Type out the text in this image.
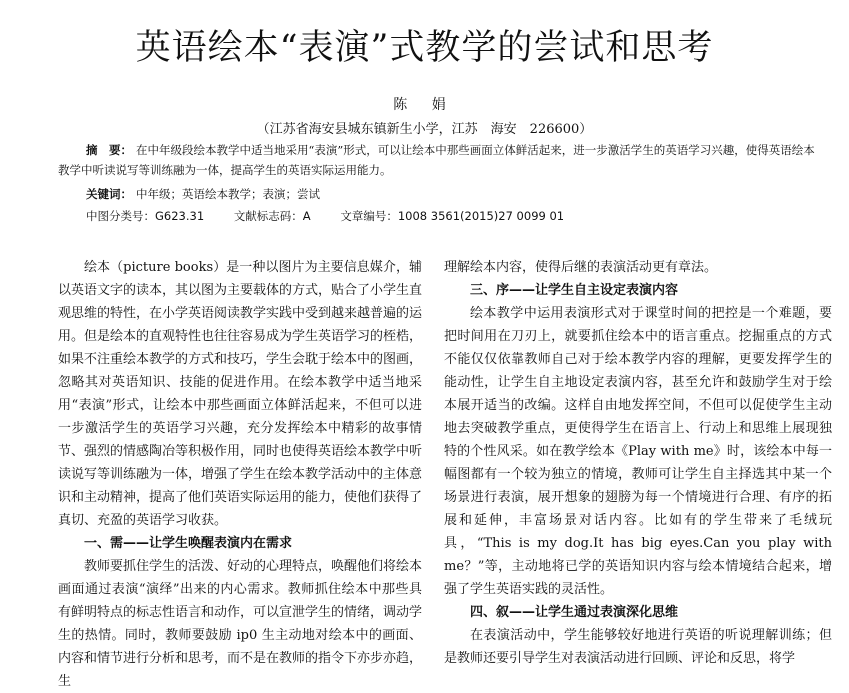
英语绘本“表演”式教学的尝试和思考
陈 娟
（江苏省海安县城东镇新生小学，江苏　海安　226600）
摘　要： 在中年级段绘本教学中适当地采用“表演”形式，可以让绘本中那些画面立体鲜活起来，进一步激活学生的英语学习兴趣，使得英语绘本教学中听读说写等训练融为一体，提高学生的英语实际运用能力。
关键词： 中年级；英语绘本教学；表演；尝试
中图分类号：G623.31	文献标志码：A	文章编号：1008 3561(2015)27 0099 01

绘本（picture books）是一种以图片为主要信息媒介，辅以英语文字的读本，其以图为主要载体的方式，贴合了小学生直观思维的特性，在小学英语阅读教学实践中受到越来越普遍的运用。但是绘本的直观特性也往往容易成为学生英语学习的桎梏，如果不注重绘本教学的方式和技巧，学生会耽于绘本中的图画，忽略其对英语知识、技能的促进作用。在绘本教学中适当地采用“表演”形式，让绘本中那些画面立体鲜活起来，不但可以进一步激活学生的英语学习兴趣，充分发挥绘本中精彩的故事情节、强烈的情感陶冶等积极作用，同时也使得英语绘本教学中听读说写等训练融为一体，增强了学生在绘本教学活动中的主体意识和主动精神，提高了他们英语实际运用的能力，使他们获得了真切、充盈的英语学习收获。

一、需——让学生唤醒表演内在需求

教师要抓住学生的活泼、好动的心理特点，唤醒他们将绘本画面通过表演“演绎”出来的内心需求。教师抓住绘本中那些具有鲜明特点的标志性语言和动作，可以宣泄学生的情绪，调动学生的热情。同时，教师要鼓励 ip0 生主动地对绘本中的画面、内容和情节进行分析和思考，而不是在教师的指令下亦步亦趋，生

理解绘本内容，使得后继的表演活动更有章法。

三、序——让学生自主设定表演内容

绘本教学中运用表演形式对于课堂时间的把控是一个难题，要把时间用在刀刃上，就要抓住绘本中的语言重点。挖掘重点的方式不能仅仅依靠教师自己对于绘本教学内容的理解，更要发挥学生的能动性，让学生自主地设定表演内容，甚至允许和鼓励学生对于绘本展开适当的改编。这样自由地发挥空间，不但可以促使学生主动地去突破教学重点，更使得学生在语言上、行动上和思维上展现独特的个性风采。如在教学绘本《Play with me》时，该绘本中每一幅图都有一个较为独立的情境，教师可让学生自主择选其中某一个场景进行表演，展开想象的翅膀为每一个情境进行合理、有序的拓展和延伸，丰富场景对话内容。比如有的学生带来了毛绒玩具，“This is my dog.It has big eyes.Can you play with me？”等，主动地将已学的英语知识内容与绘本情境结合起来，增强了学生英语实践的灵活性。

四、叙——让学生通过表演深化思维

在表演活动中，学生能够较好地进行英语的听说理解训练；但是教师还要引导学生对表演活动进行回顾、评论和反思，将学
